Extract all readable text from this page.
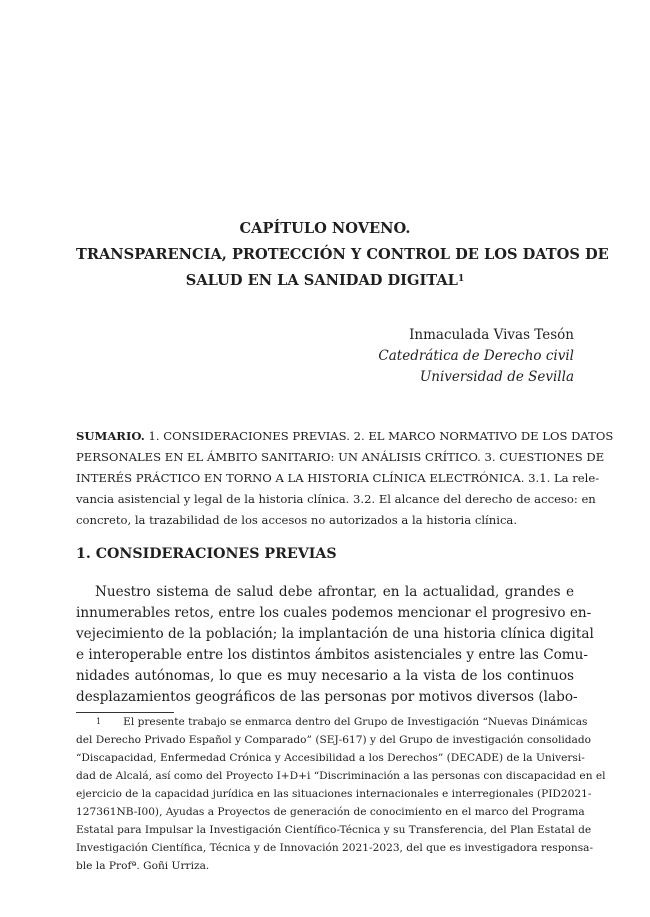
CAPÍTULO NOVENO.
TRANSPARENCIA, PROTECCIÓN Y CONTROL DE LOS DATOS DE
SALUD EN LA SANIDAD DIGITAL$^1$
Inmaculada Vivas Tesón
Catedrática de Derecho civil
Universidad de Sevilla
SUMARIO. 1. CONSIDERACIONES PREVIAS. 2. EL MARCO NORMATIVO DE LOS DATOS
PERSONALES EN EL ÁMBITO SANITARIO: UN ANÁLISIS CRÍTICO. 3. CUESTIONES DE
INTERÉS PRÁCTICO EN TORNO A LA HISTORIA CLÍNICA ELECTRÓNICA. 3.1. La rele-
vancia asistencial y legal de la historia clínica. 3.2. El alcance del derecho de acceso: en
concreto, la trazabilidad de los accesos no autorizados a la historia clínica.
1. CONSIDERACIONES PREVIAS
Nuestro sistema de salud debe afrontar, en la actualidad, grandes e
innumerables retos, entre los cuales podemos mencionar el progresivo en-
vejecimiento de la población; la implantación de una historia clínica digital
e interoperable entre los distintos ámbitos asistenciales y entre las Comu-
nidades autónomas, lo que es muy necesario a la vista de los continuos
desplazamientos geográficos de las personas por motivos diversos (labo-
$^1$ El presente trabajo se enmarca dentro del Grupo de Investigación “Nuevas Dinámicas
del Derecho Privado Español y Comparado” (SEJ-617) y del Grupo de investigación consolidado
“Discapacidad, Enfermedad Crónica y Accesibilidad a los Derechos” (DECADE) de la Universi-
dad de Alcalá, así como del Proyecto I+D+i “Discriminación a las personas con discapacidad en el
ejercicio de la capacidad jurídica en las situaciones internacionales e interregionales (PID2021-
127361NB-I00), Ayudas a Proyectos de generación de conocimiento en el marco del Programa
Estatal para Impulsar la Investigación Científico-Técnica y su Transferencia, del Plan Estatal de
Investigación Científica, Técnica y de Innovación 2021-2023, del que es investigadora responsa-
ble la Profª. Goñi Urriza.
